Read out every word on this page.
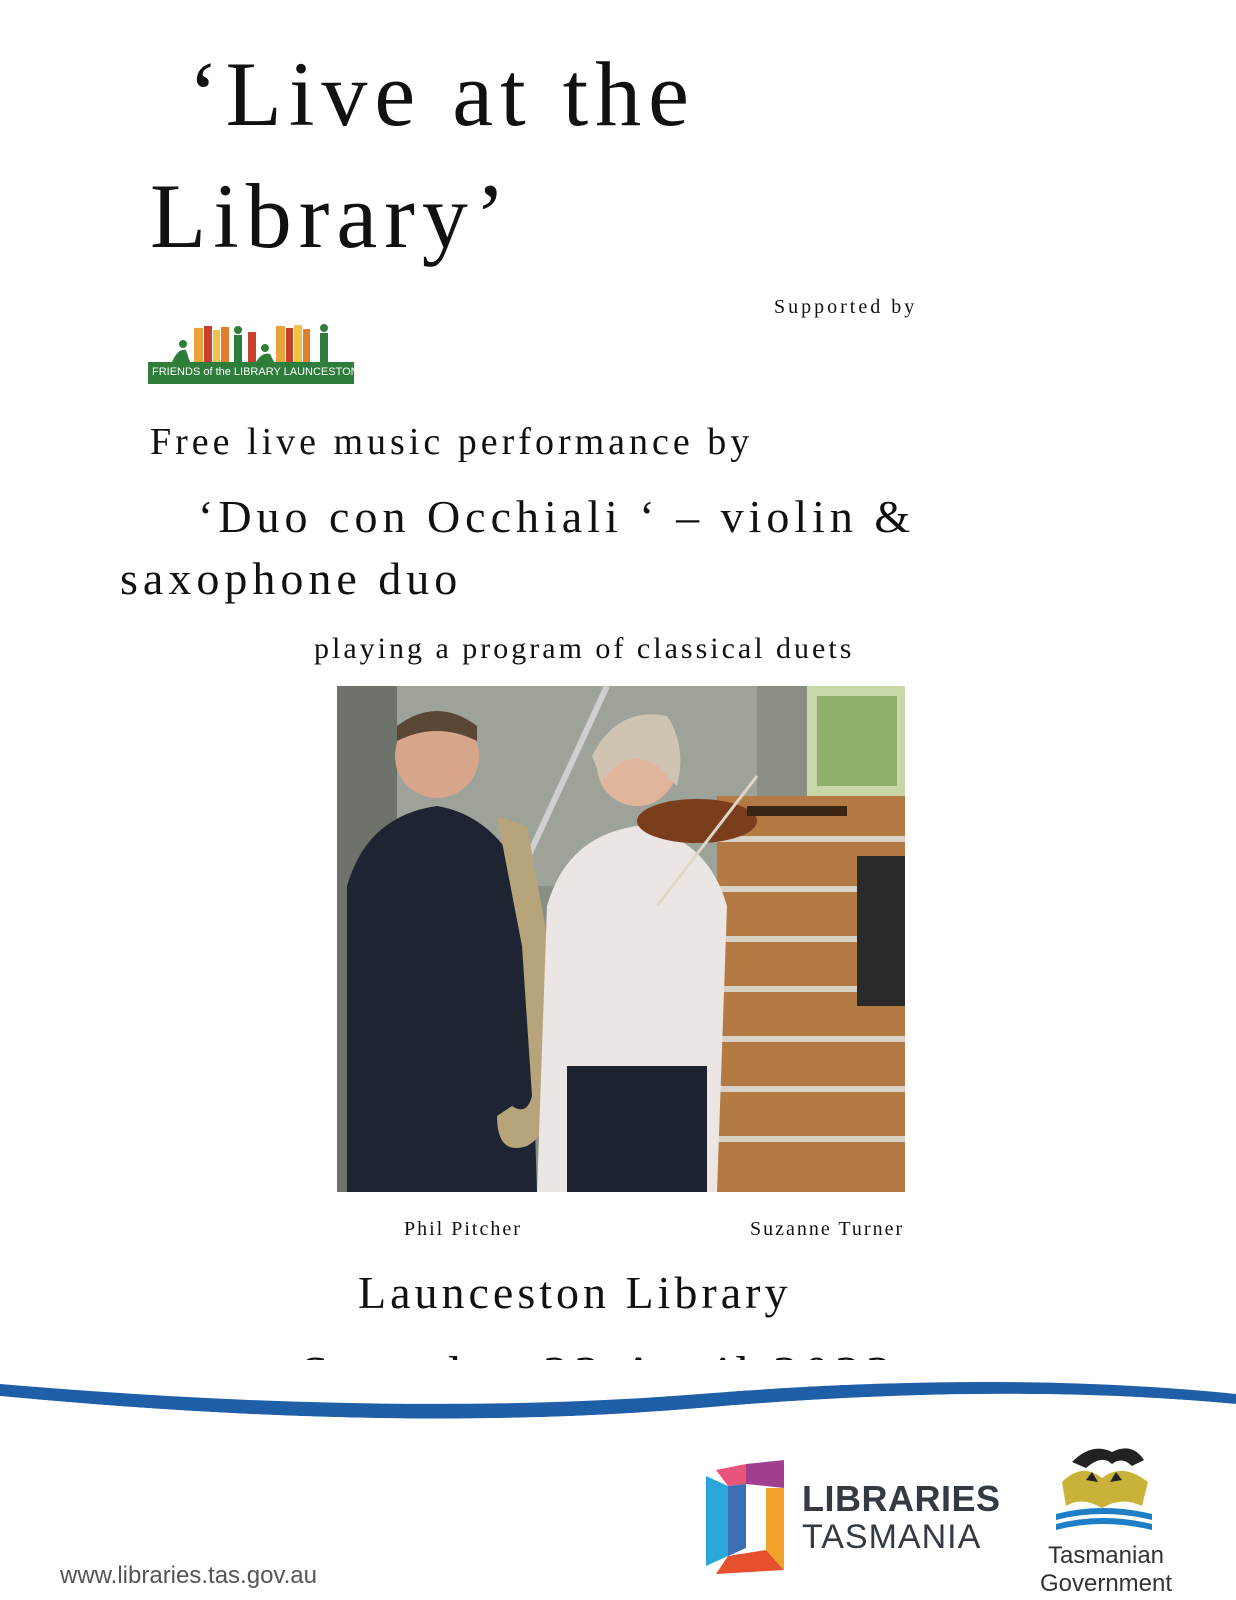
‘Live at the
Library’
Supported by
FRIENDS of the LIBRARY LAUNCESTON
Free live music performance by
‘Duo con Occhiali ‘ – violin &
saxophone duo
playing a program of classical duets
Phil Pitcher	Suzanne Turner
Launceston Library
LIBRARIES
TASMANIA	Tasmanian
Government
www.libraries.tas.gov.au
